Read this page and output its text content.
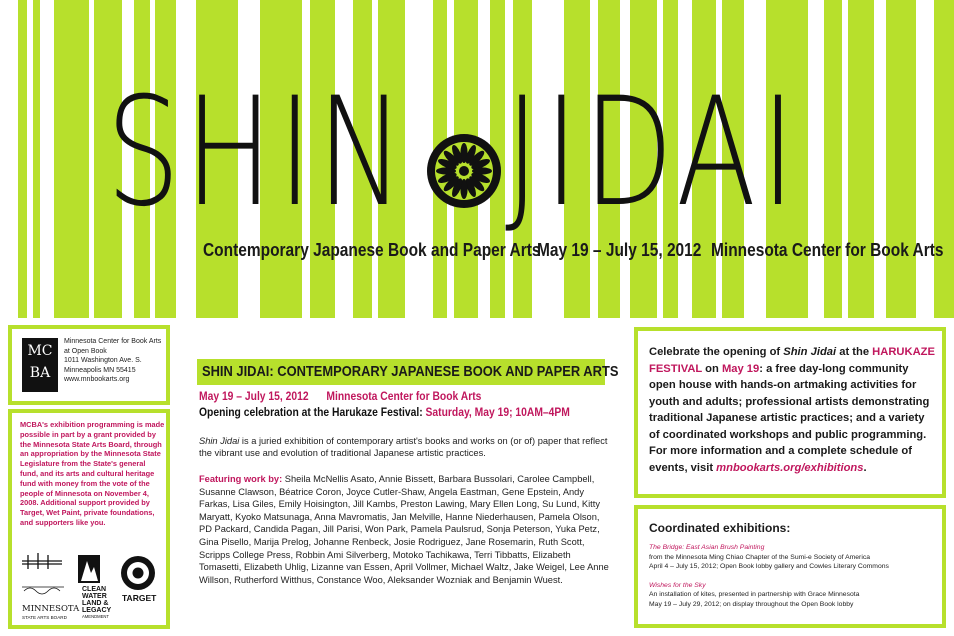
SHIN JIDAI
Contemporary Japanese Book and Paper Arts
May 19 – July 15, 2012 Minnesota Center for Book Arts
MC
BA
Minnesota Center for Book Arts
at Open Book
1011 Washington Ave. S.
Minneapolis MN 55415
www.mnbookarts.org
MCBA's exhibition programming is made possible in part by a grant provided by the Minnesota State Arts Board, through an appropriation by the Minnesota State Legislature from the State's general fund, and its arts and cultural heritage fund with money from the vote of the people of Minnesota on November 4, 2008. Additional support provided by Target, Wet Paint, private foundations, and supporters like you.
MINNESOTA
STATE ARTS BOARD
CLEAN
WATER
LAND &
LEGACY
AMENDMENT
TARGET
SHIN JIDAI: CONTEMPORARY JAPANESE BOOK AND PAPER ARTS
May 19 – July 15, 2012 Minnesota Center for Book Arts
Opening celebration at the Harukaze Festival: Saturday, May 19; 10AM–4PM
Shin Jidai is a juried exhibition of contemporary artist's books and works on (or of) paper that reflect the vibrant use and evolution of traditional Japanese artistic practices.
Featuring work by: Sheila McNellis Asato, Annie Bissett, Barbara Bussolari, Carolee Campbell, Susanne Clawson, Béatrice Coron, Joyce Cutler-Shaw, Angela Eastman, Gene Epstein, Andy Farkas, Lisa Giles, Emily Hoisington, Jill Kambs, Preston Lawing, Mary Ellen Long, Su Lund, Kitty Maryatt, Kyoko Matsunaga, Anna Mavromatis, Jan Melville, Hanne Niederhausen, Pamela Olson, PD Packard, Candida Pagan, Jill Parisi, Won Park, Pamela Paulsrud, Sonja Peterson, Yuka Petz, Gina Pisello, Marija Prelog, Johanne Renbeck, Josie Rodriguez, Jane Rosemarin, Ruth Scott, Scripps College Press, Robbin Ami Silverberg, Motoko Tachikawa, Terri Tibbatts, Elizabeth Tomasetti, Elizabeth Uhlig, Lizanne van Essen, April Vollmer, Michael Waltz, Jake Weigel, Lee Anne Willson, Rutherford Witthus, Constance Woo, Aleksander Wozniak and Benjamin Wuest.
Celebrate the opening of Shin Jidai at the HARUKAZE FESTIVAL on May 19: a free day-long community open house with hands-on artmaking activities for youth and adults; professional artists demonstrating traditional Japanese artistic practices; and a variety of coordinated workshops and public programming. For more information and a complete schedule of events, visit mnbookarts.org/exhibitions.
Coordinated exhibitions:
The Bridge: East Asian Brush Painting
from the Minnesota Ming Chiao Chapter of the Sumi-e Society of America
April 4 – July 15, 2012; Open Book lobby gallery and Cowles Literary Commons
Wishes for the Sky
An installation of kites, presented in partnership with Grace Minnesota
May 19 – July 29, 2012; on display throughout the Open Book lobby
